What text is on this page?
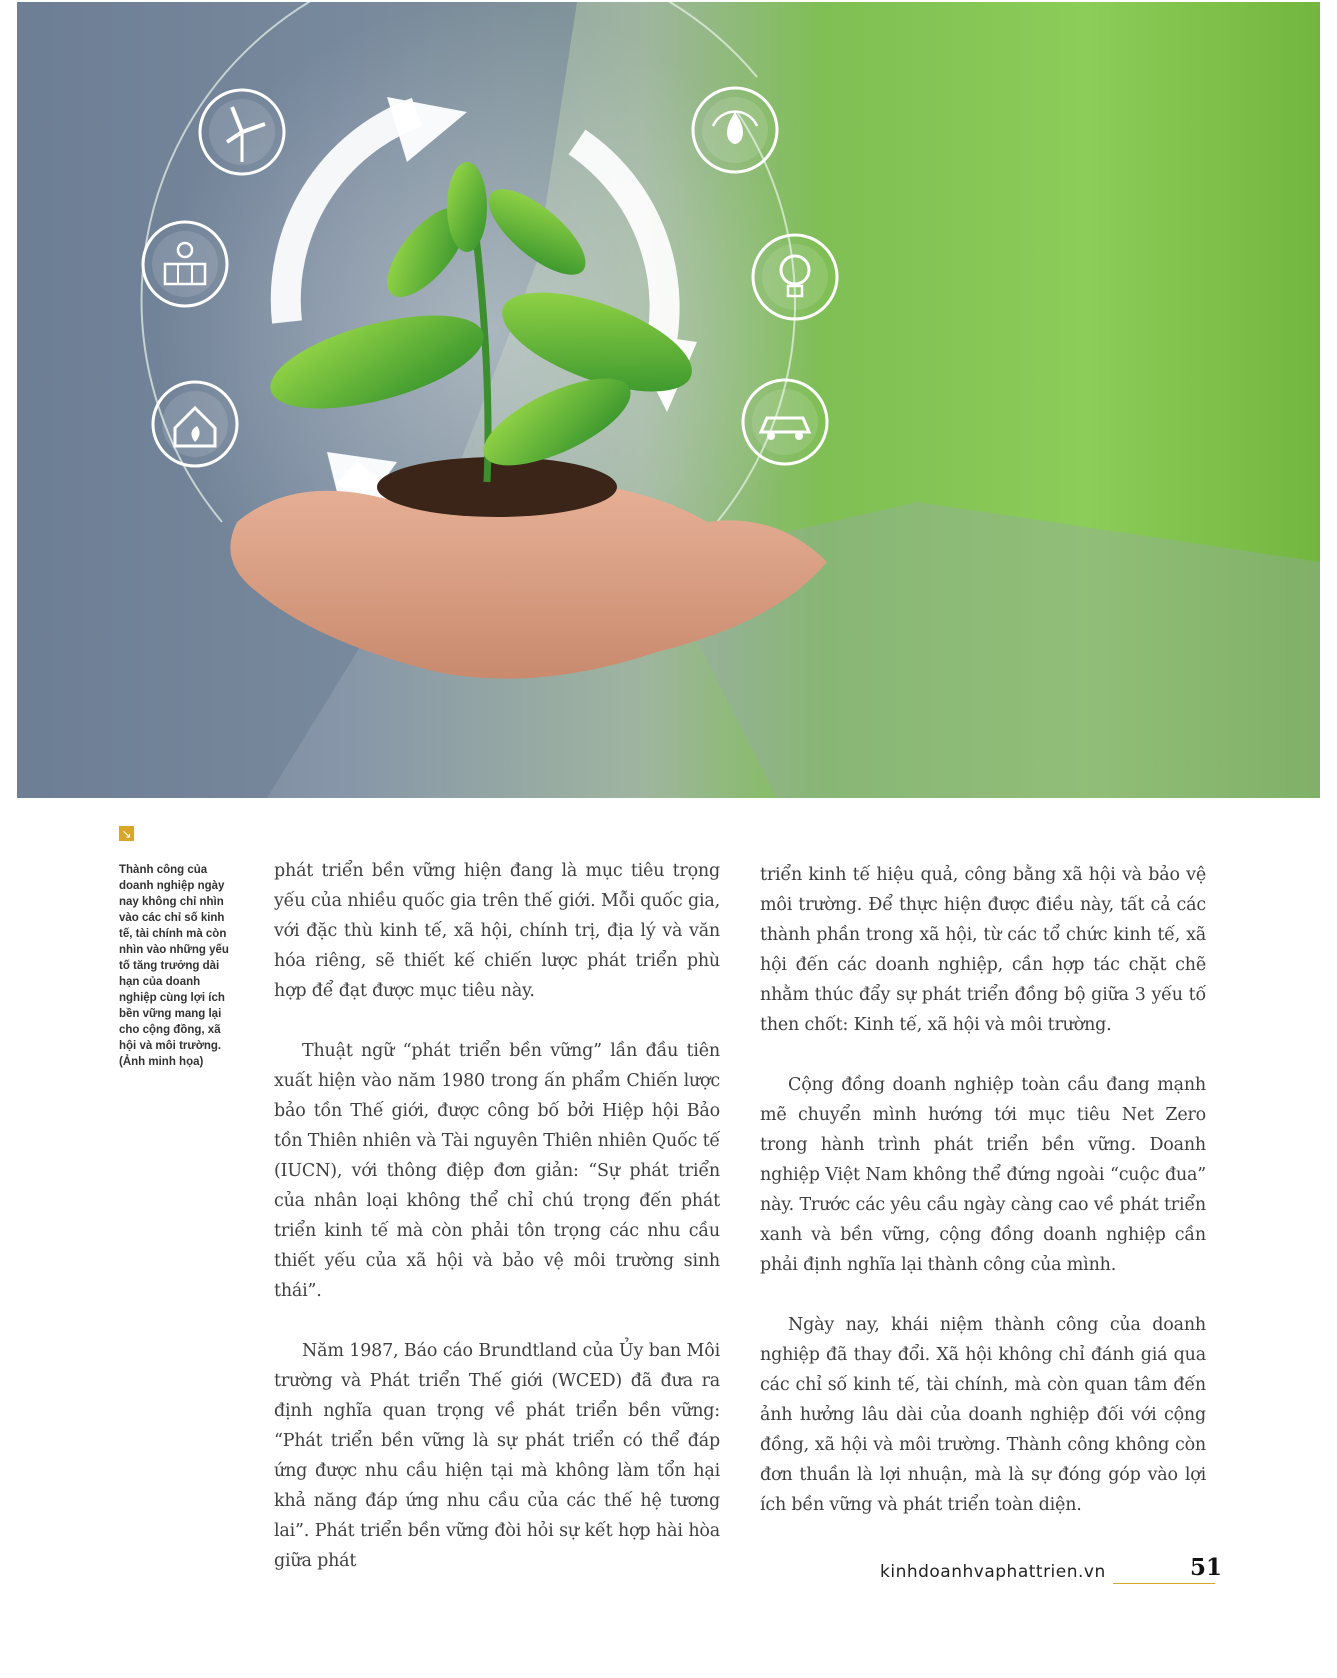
↘
Thành công của doanh nghiệp ngày nay không chỉ nhìn vào các chỉ số kinh tế, tài chính mà còn nhìn vào những yếu tố tăng trưởng dài hạn của doanh nghiệp cùng lợi ích bền vững mang lại cho cộng đồng, xã hội và môi trường. (Ảnh minh họa)

phát triển bền vững hiện đang là mục tiêu trọng yếu của nhiều quốc gia trên thế giới. Mỗi quốc gia, với đặc thù kinh tế, xã hội, chính trị, địa lý và văn hóa riêng, sẽ thiết kế chiến lược phát triển phù hợp để đạt được mục tiêu này.

Thuật ngữ “phát triển bền vững” lần đầu tiên xuất hiện vào năm 1980 trong ấn phẩm Chiến lược bảo tồn Thế giới, được công bố bởi Hiệp hội Bảo tồn Thiên nhiên và Tài nguyên Thiên nhiên Quốc tế (IUCN), với thông điệp đơn giản: “Sự phát triển của nhân loại không thể chỉ chú trọng đến phát triển kinh tế mà còn phải tôn trọng các nhu cầu thiết yếu của xã hội và bảo vệ môi trường sinh thái”.

Năm 1987, Báo cáo Brundtland của Ủy ban Môi trường và Phát triển Thế giới (WCED) đã đưa ra định nghĩa quan trọng về phát triển bền vững: “Phát triển bền vững là sự phát triển có thể đáp ứng được nhu cầu hiện tại mà không làm tổn hại khả năng đáp ứng nhu cầu của các thế hệ tương lai”. Phát triển bền vững đòi hỏi sự kết hợp hài hòa giữa phát

triển kinh tế hiệu quả, công bằng xã hội và bảo vệ môi trường. Để thực hiện được điều này, tất cả các thành phần trong xã hội, từ các tổ chức kinh tế, xã hội đến các doanh nghiệp, cần hợp tác chặt chẽ nhằm thúc đẩy sự phát triển đồng bộ giữa 3 yếu tố then chốt: Kinh tế, xã hội và môi trường.

Cộng đồng doanh nghiệp toàn cầu đang mạnh mẽ chuyển mình hướng tới mục tiêu Net Zero trong hành trình phát triển bền vững. Doanh nghiệp Việt Nam không thể đứng ngoài “cuộc đua” này. Trước các yêu cầu ngày càng cao về phát triển xanh và bền vững, cộng đồng doanh nghiệp cần phải định nghĩa lại thành công của mình.

Ngày nay, khái niệm thành công của doanh nghiệp đã thay đổi. Xã hội không chỉ đánh giá qua các chỉ số kinh tế, tài chính, mà còn quan tâm đến ảnh hưởng lâu dài của doanh nghiệp đối với cộng đồng, xã hội và môi trường. Thành công không còn đơn thuần là lợi nhuận, mà là sự đóng góp vào lợi ích bền vững và phát triển toàn diện.

kinhdoanhvaphattrien.vn	51
